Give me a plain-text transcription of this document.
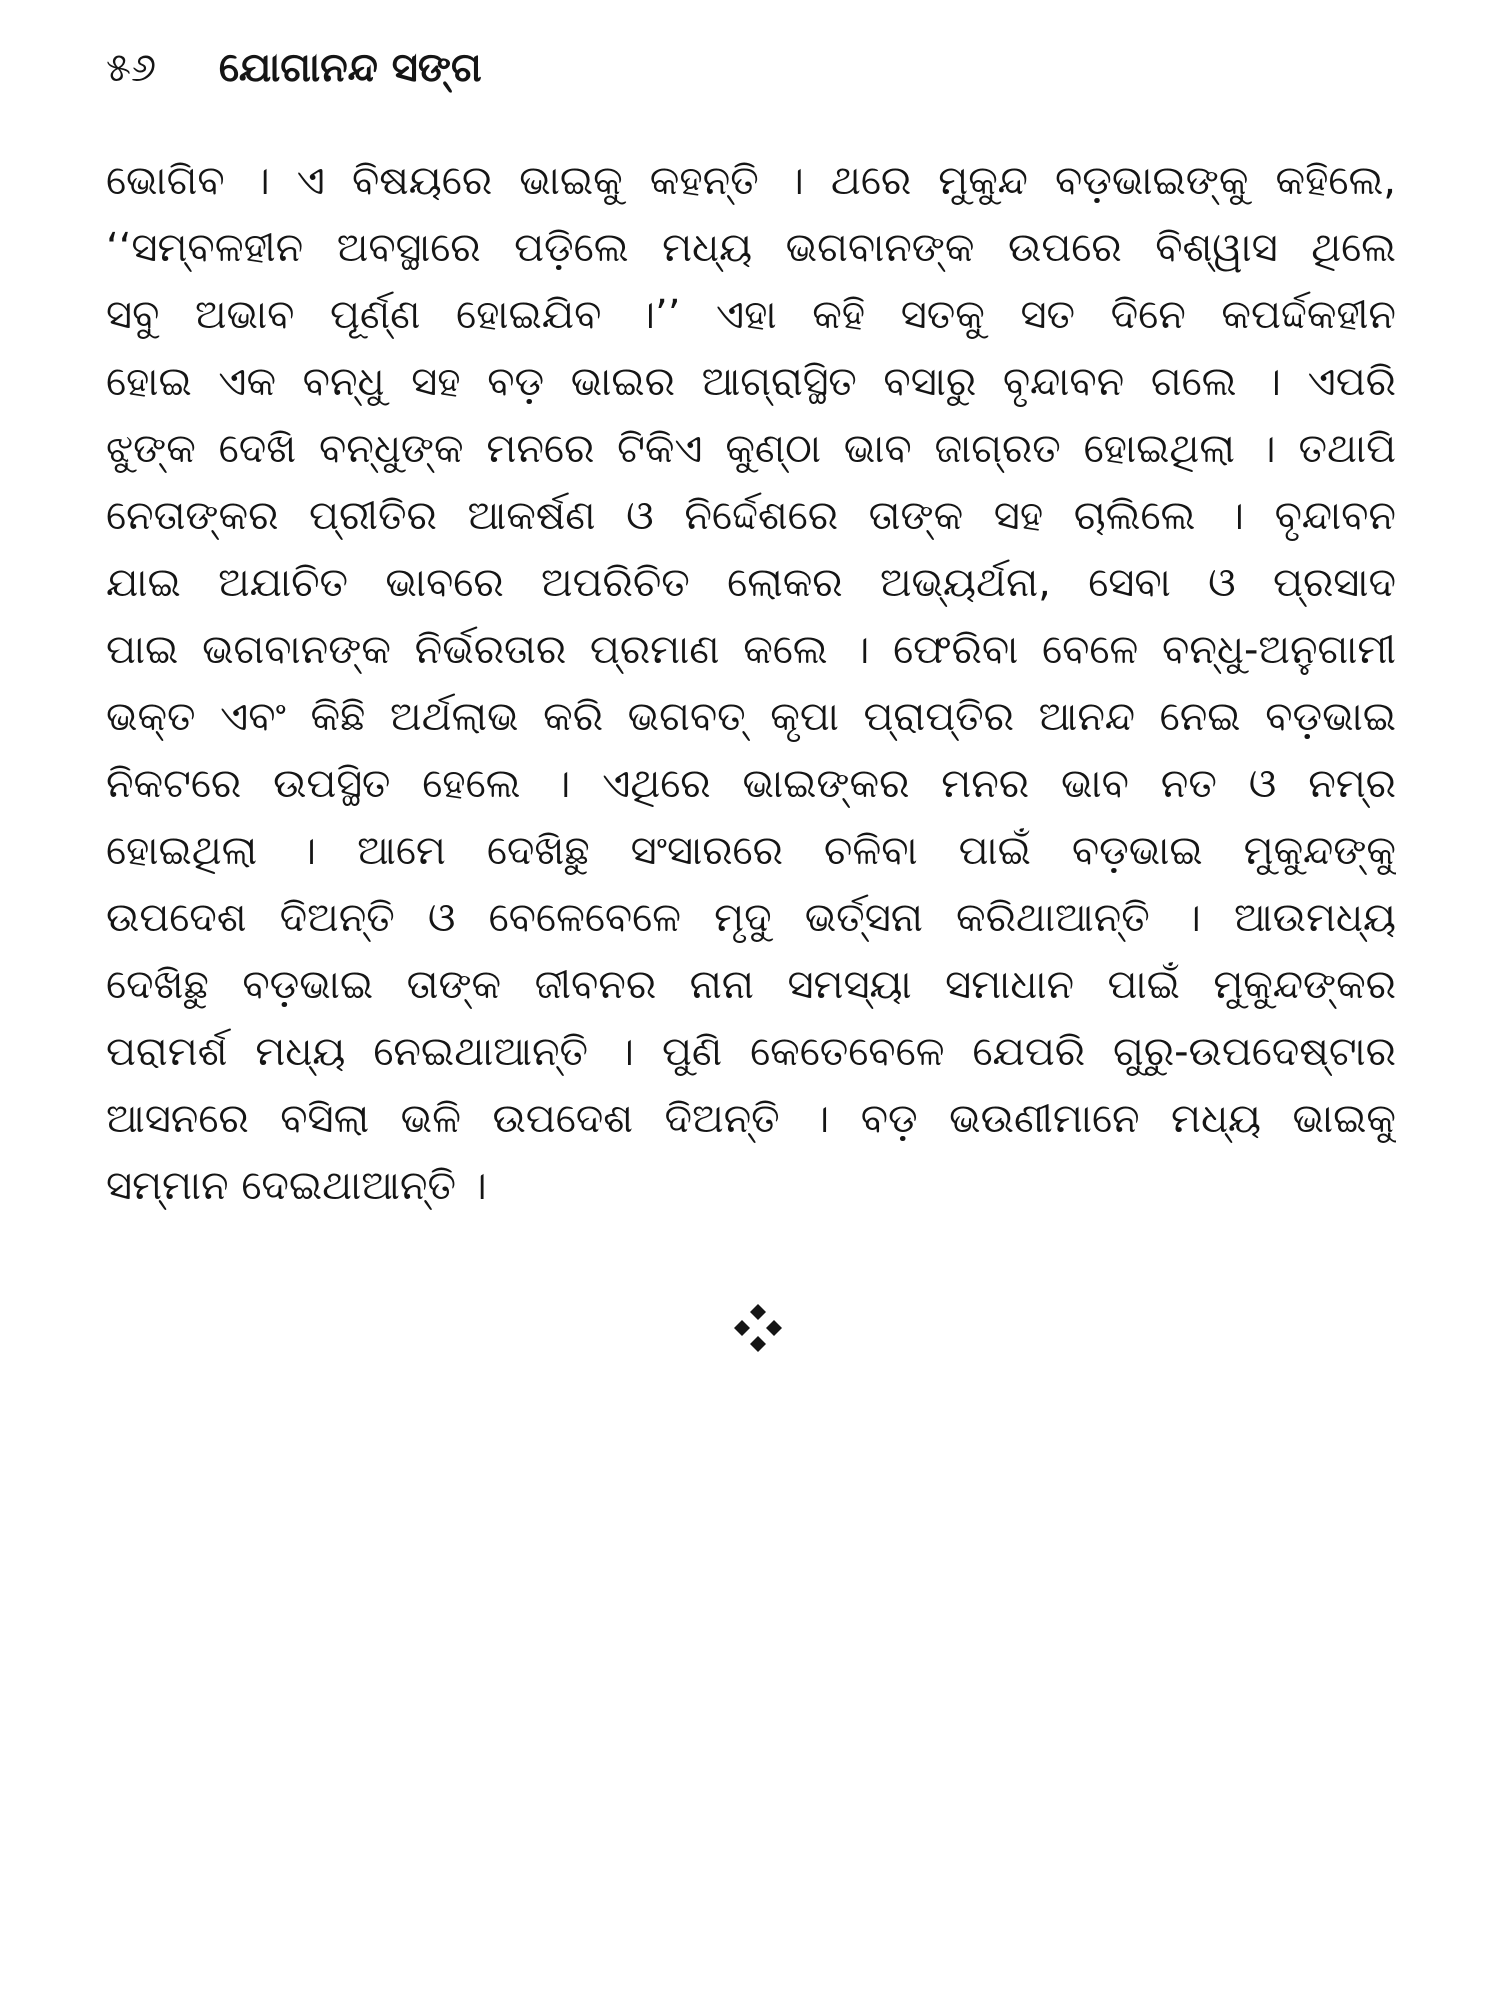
୫୬ ଯୋଗାନନ୍ଦ ସଙ୍ଗ
ଭୋଗିବ । ଏ ବିଷୟରେ ଭାଇକୁ କହନ୍ତି । ଥରେ ମୁକୁନ୍ଦ ବଡ଼ଭାଇଙ୍କୁ କହିଲେ,
‘‘ସମ୍ବଳହୀନ ଅବସ୍ଥାରେ ପଡ଼ିଲେ ମଧ୍ୟ ଭଗବାନଙ୍କ ଉପରେ ବିଶ୍ୱାସ ଥିଲେ
ସବୁ ଅଭାବ ପୂର୍ଣ୍ଣ ହୋଇଯିବ ।’’ ଏହା କହି ସତକୁ ସତ ଦିନେ କପର୍ଦ୍ଦକହୀନ
ହୋଇ ଏକ ବନ୍ଧୁ ସହ ବଡ଼ ଭାଇର ଆଗ୍ରାସ୍ଥିତ ବସାରୁ ବୃନ୍ଦାବନ ଗଲେ । ଏପରି
ଝୁଙ୍କ ଦେଖି ବନ୍ଧୁଙ୍କ ମନରେ ଟିକିଏ କୁଣ୍ଠା ଭାବ ଜାଗ୍ରତ ହୋଇଥିଲା । ତଥାପି
ନେତାଙ୍କର ପ୍ରୀତିର ଆକର୍ଷଣ ଓ ନିର୍ଦ୍ଦେଶରେ ତାଙ୍କ ସହ ଚାଲିଲେ । ବୃନ୍ଦାବନ
ଯାଇ ଅଯାଚିତ ଭାବରେ ଅପରିଚିତ ଲୋକର ଅଭ୍ୟର୍ଥନା, ସେବା ଓ ପ୍ରସାଦ
ପାଇ ଭଗବାନଙ୍କ ନିର୍ଭରତାର ପ୍ରମାଣ କଲେ । ଫେରିବା ବେଳେ ବନ୍ଧୁ-ଅନୁଗାମୀ
ଭକ୍ତ ଏବଂ କିଛି ଅର୍ଥଲାଭ କରି ଭଗବତ୍ କୃପା ପ୍ରାପ୍ତିର ଆନନ୍ଦ ନେଇ ବଡ଼ଭାଇ
ନିକଟରେ ଉପସ୍ଥିତ ହେଲେ । ଏଥିରେ ଭାଇଙ୍କର ମନର ଭାବ ନତ ଓ ନମ୍ର
ହୋଇଥିଲା । ଆମେ ଦେଖିଛୁ ସଂସାରରେ ଚଳିବା ପାଇଁ ବଡ଼ଭାଇ ମୁକୁନ୍ଦଙ୍କୁ
ଉପଦେଶ ଦିଅନ୍ତି ଓ ବେଳେବେଳେ ମୃଦୁ ଭର୍ତ୍ସନା କରିଥାଆନ୍ତି । ଆଉମଧ୍ୟ
ଦେଖିଛୁ ବଡ଼ଭାଇ ତାଙ୍କ ଜୀବନର ନାନା ସମସ୍ୟା ସମାଧାନ ପାଇଁ ମୁକୁନ୍ଦଙ୍କର
ପରାମର୍ଶ ମଧ୍ୟ ନେଇଥାଆନ୍ତି । ପୁଣି କେତେବେଳେ ଯେପରି ଗୁରୁ-ଉପଦେଷ୍ଟାର
ଆସନରେ ବସିଲା ଭଳି ଉପଦେଶ ଦିଅନ୍ତି । ବଡ଼ ଭଉଣୀମାନେ ମଧ୍ୟ ଭାଇକୁ
ସମ୍ମାନ ଦେଇଥାଆନ୍ତି ।
